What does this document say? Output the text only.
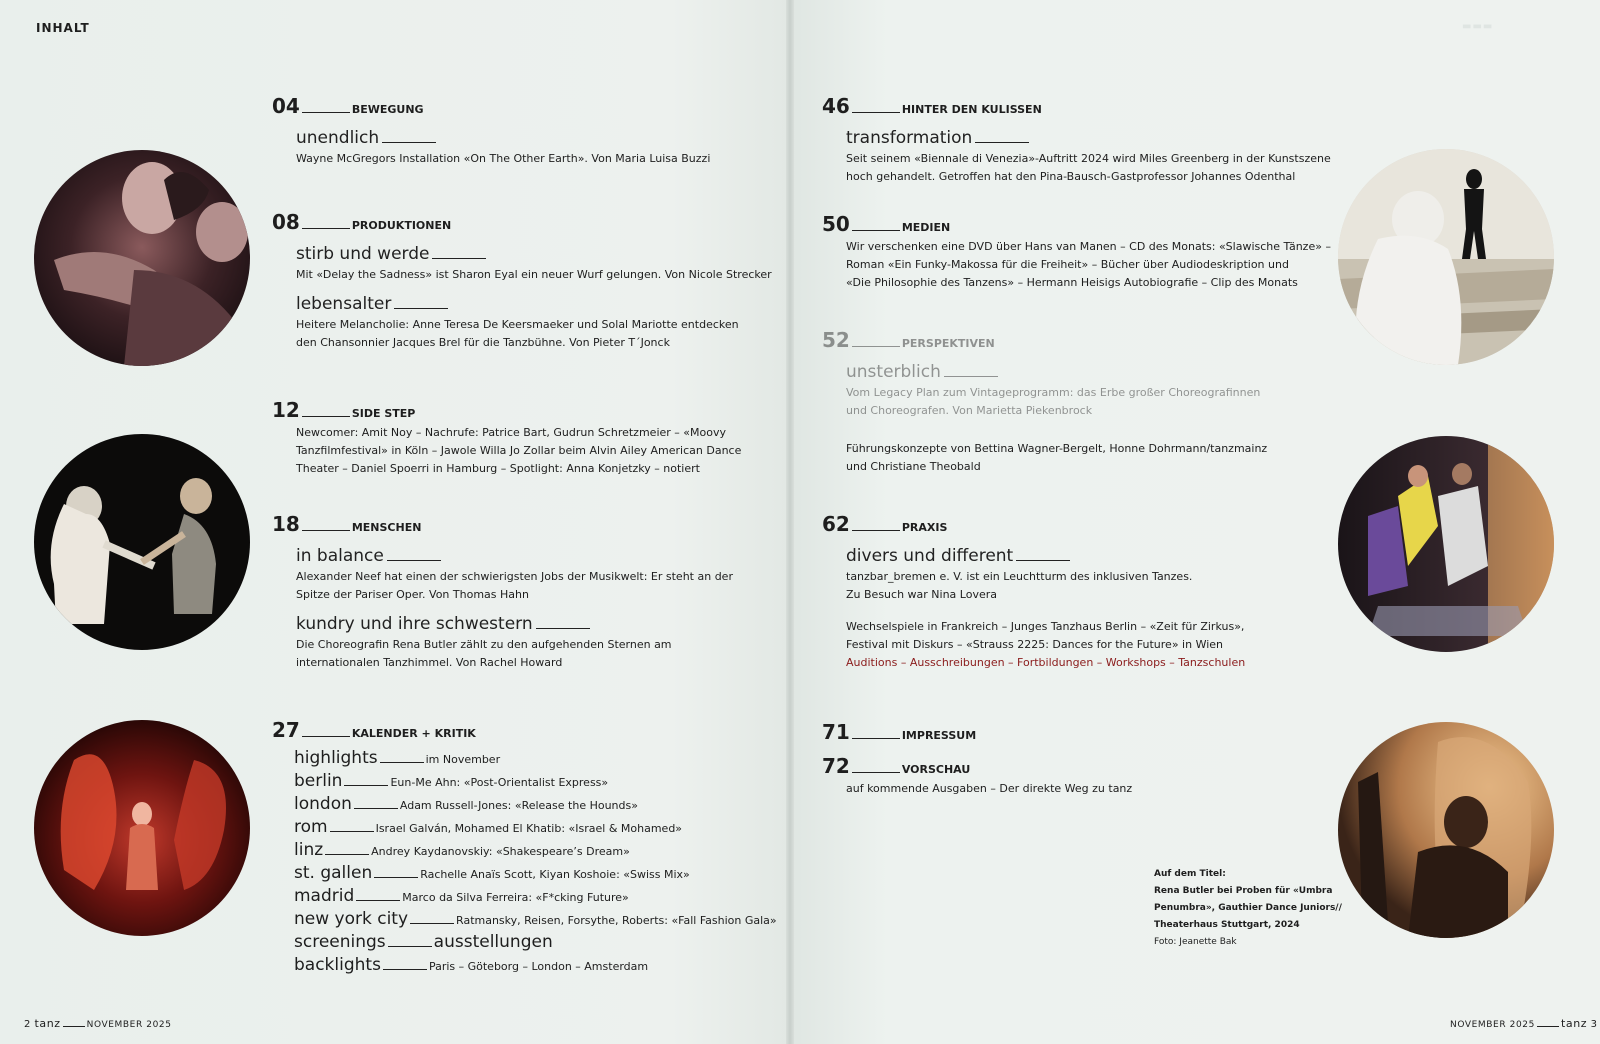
INHALT	▬▬▬
04	BEWEGUNG
unendlich
Wayne McGregors Installation «On The Other Earth». Von Maria Luisa Buzzi
08	PRODUKTIONEN
stirb und werde
Mit «Delay the Sadness» ist Sharon Eyal ein neuer Wurf gelungen. Von Nicole Strecker
lebensalter
Heitere Melancholie: Anne Teresa De Keersmaeker und Solal Mariotte entdecken
den Chansonnier Jacques Brel für die Tanzbühne. Von Pieter T´Jonck
12	SIDE STEP
Newcomer: Amit Noy – Nachrufe: Patrice Bart, Gudrun Schretzmeier – «Moovy
Tanzfilmfestival» in Köln – Jawole Willa Jo Zollar beim Alvin Ailey American Dance
Theater – Daniel Spoerri in Hamburg – Spotlight: Anna Konjetzky – notiert
18	MENSCHEN
in balance
Alexander Neef hat einen der schwierigsten Jobs der Musikwelt: Er steht an der
Spitze der Pariser Oper. Von Thomas Hahn
kundry und ihre schwestern
Die Choreografin Rena Butler zählt zu den aufgehenden Sternen am
internationalen Tanzhimmel. Von Rachel Howard
27	KALENDER + KRITIK
highlights	im November
berlin	Eun-Me Ahn: «Post-Orientalist Express»
london	Adam Russell-Jones: «Release the Hounds»
rom	Israel Galván, Mohamed El Khatib: «Israel & Mohamed»
linz	Andrey Kaydanovskiy: «Shakespeare’s Dream»
st. gallen	Rachelle Anaïs Scott, Kiyan Koshoie: «Swiss Mix»
madrid	Marco da Silva Ferreira: «F*cking Future»
new york city	Ratmansky, Reisen, Forsythe, Roberts: «Fall Fashion Gala»
screenings	ausstellungen
backlights	Paris – Göteborg – London – Amsterdam
46	HINTER DEN KULISSEN
transformation
Seit seinem «Biennale di Venezia»-Auftritt 2024 wird Miles Greenberg in der Kunstszene
hoch gehandelt. Getroffen hat den Pina-Bausch-Gastprofessor Johannes Odenthal
50	MEDIEN
Wir verschenken eine DVD über Hans van Manen – CD des Monats: «Slawische Tänze» –
Roman «Ein Funky-Makossa für die Freiheit» – Bücher über Audiodeskription und
«Die Philosophie des Tanzens» – Hermann Heisigs Autobiografie – Clip des Monats
52	PERSPEKTIVEN
unsterblich
Vom Legacy Plan zum Vintageprogramm: das Erbe großer Choreografinnen
und Choreografen. Von Marietta Piekenbrock
Führungskonzepte von Bettina Wagner-Bergelt, Honne Dohrmann/tanzmainz
und Christiane Theobald
62	PRAXIS
divers und different
tanzbar_bremen e. V. ist ein Leuchtturm des inklusiven Tanzes.
Zu Besuch war Nina Lovera
Wechselspiele in Frankreich – Junges Tanzhaus Berlin – «Zeit für Zirkus»,
Festival mit Diskurs – «Strauss 2225: Dances for the Future» in Wien
Auditions – Ausschreibungen – Fortbildungen – Workshops – Tanzschulen
71	IMPRESSUM
72	VORSCHAU
auf kommende Ausgaben – Der direkte Weg zu tanz
Auf dem Titel:
Rena Butler bei Proben für «Umbra
Penumbra», Gauthier Dance Juniors//
Theaterhaus Stuttgart, 2024
Foto: Jeanette Bak
2 tanz	NOVEMBER 2025	NOVEMBER 2025 tanz 3
